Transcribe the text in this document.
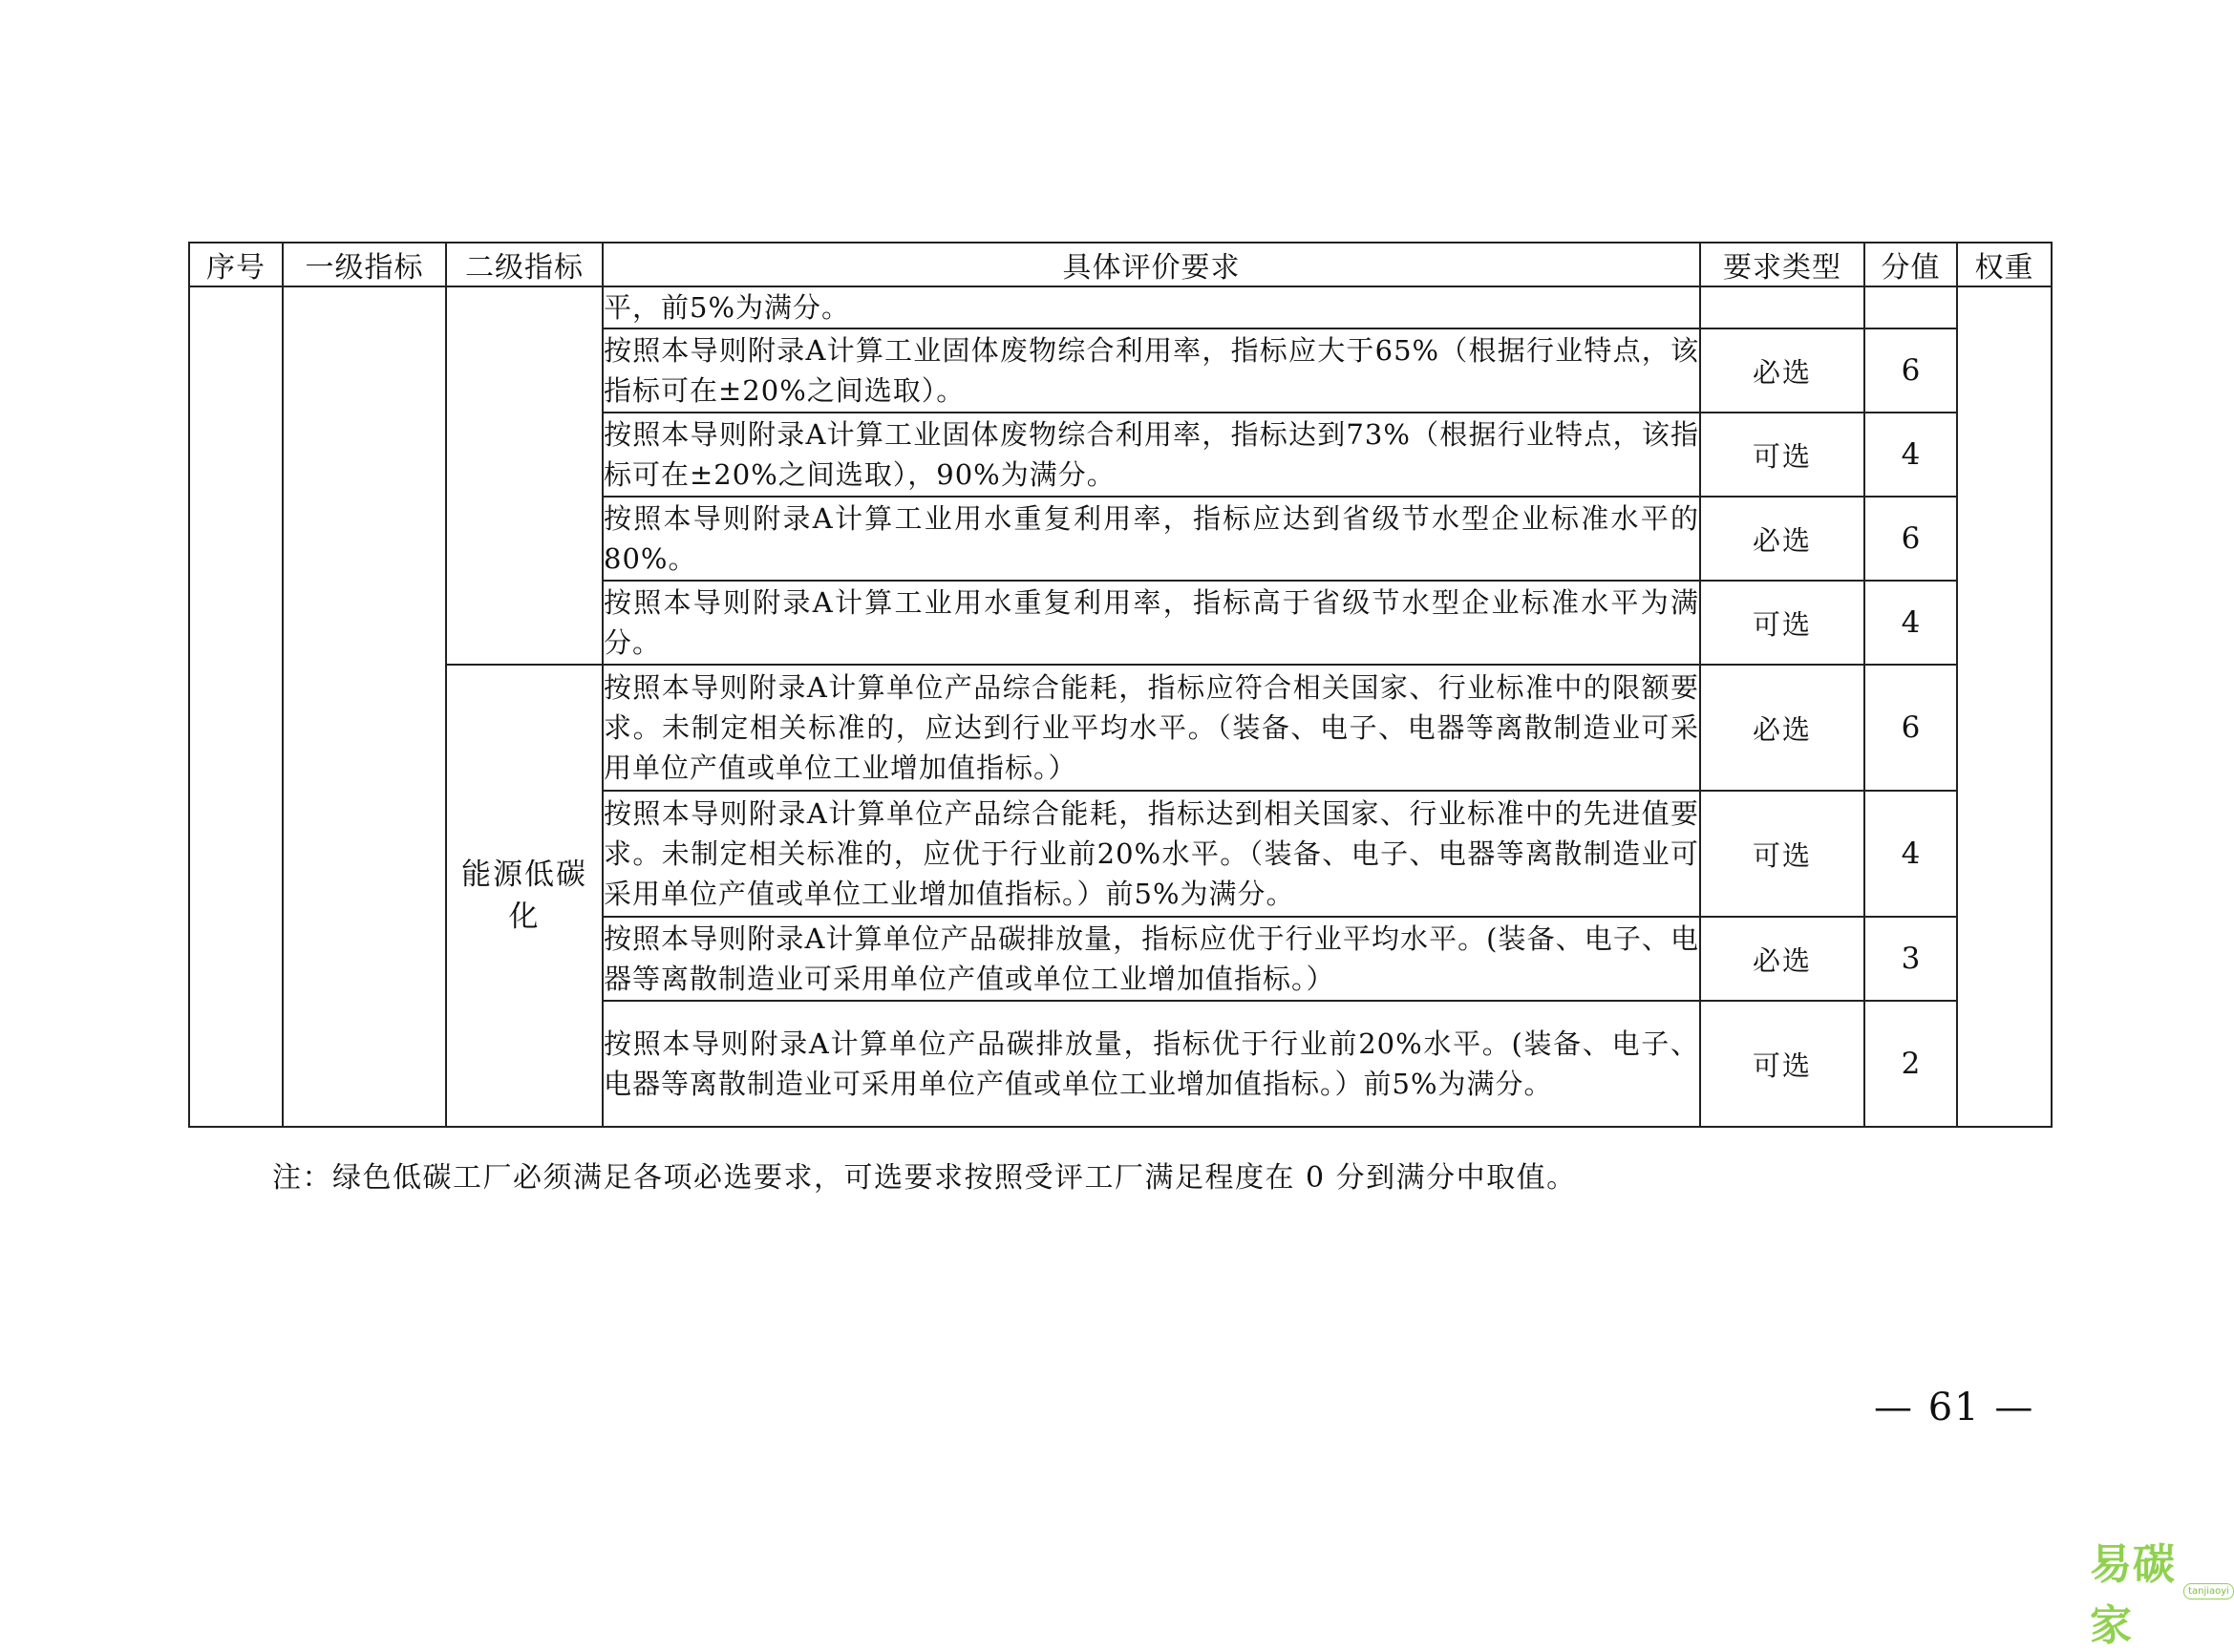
序号	一级指标	二级指标	具体评价要求	要求类型	分值	权重
			平，前5%为满分。			
			按照本导则附录A计算工业固体废物综合利用率，指标应大于65%（根据行业特点，该指标可在±20%之间选取）。	必选	6	
			按照本导则附录A计算工业固体废物综合利用率，指标达到73%（根据行业特点，该指标可在±20%之间选取），90%为满分。	可选	4	
			按照本导则附录A计算工业用水重复利用率，指标应达到省级节水型企业标准水平的80%。	必选	6	
			按照本导则附录A计算工业用水重复利用率，指标高于省级节水型企业标准水平为满分。	可选	4	
		能源低碳化	按照本导则附录A计算单位产品综合能耗，指标应符合相关国家、行业标准中的限额要求。未制定相关标准的，应达到行业平均水平。（装备、电子、电器等离散制造业可采用单位产值或单位工业增加值指标。）	必选	6	
			按照本导则附录A计算单位产品综合能耗，指标达到相关国家、行业标准中的先进值要求。未制定相关标准的，应优于行业前20%水平。（装备、电子、电器等离散制造业可采用单位产值或单位工业增加值指标。）前5%为满分。	可选	4	
			按照本导则附录A计算单位产品碳排放量，指标应优于行业平均水平。(装备、电子、电器等离散制造业可采用单位产值或单位工业增加值指标。）	必选	3	
			按照本导则附录A计算单位产品碳排放量，指标优于行业前20%水平。(装备、电子、电器等离散制造业可采用单位产值或单位工业增加值指标。）前5%为满分。	可选	2	
注：绿色低碳工厂必须满足各项必选要求，可选要求按照受评工厂满足程度在 0 分到满分中取值。
— 61 —
易碳家
tanjiaoyi
